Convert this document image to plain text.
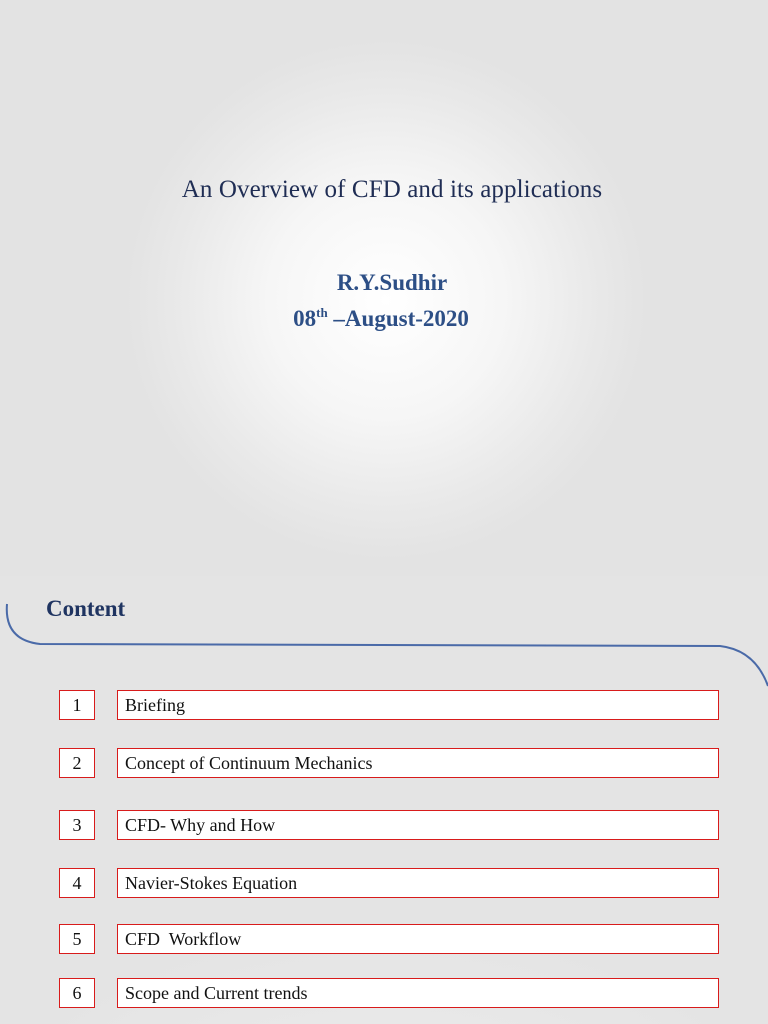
An Overview of CFD and its applications
R.Y.Sudhir
08th –August-2020
Content
1	Briefing
2	Concept of Continuum Mechanics
3	CFD- Why and How
4	Navier-Stokes Equation
5	CFD  Workflow
6	Scope and Current trends
